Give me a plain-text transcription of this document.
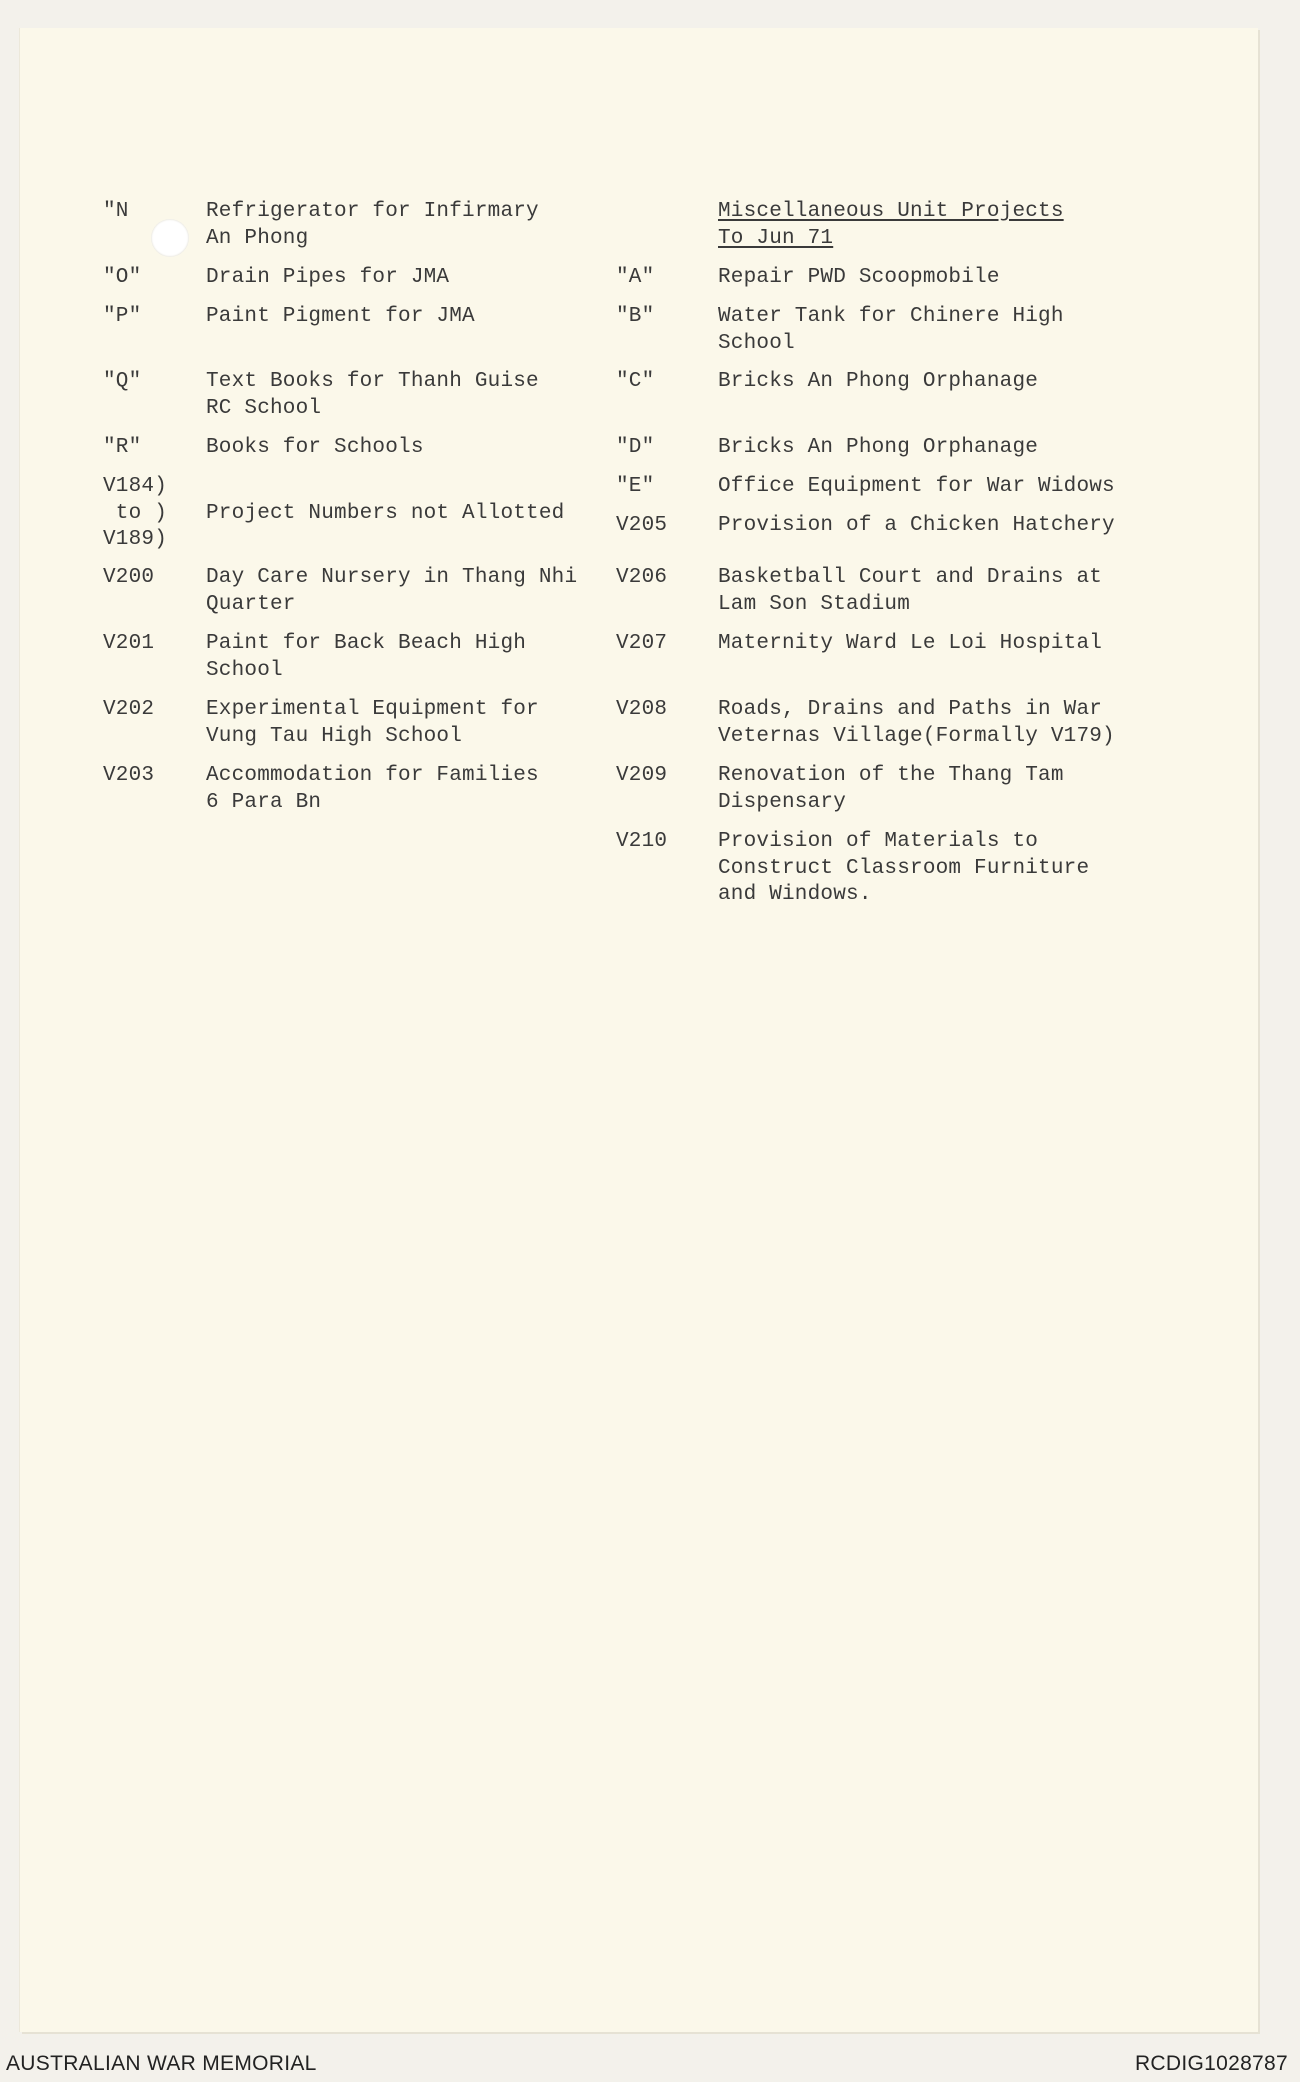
"N	Refrigerator for Infirmary
An Phong
"O"	Drain Pipes for JMA
"P"	Paint Pigment for JMA
"Q"	Text Books for Thanh Guise
RC School
"R"	Books for Schools
V184)
to )
V189)
Project Numbers not Allotted
V200 Day Care Nursery in Thang Nhi
Quarter
V201 Paint for Back Beach High
School
V202 Experimental Equipment for
Vung Tau High School
V203 Accommodation for Families
6 Para Bn
Miscellaneous Unit Projects
To Jun 71
"A"	Repair PWD Scoopmobile
"B"	Water Tank for Chinere High
School
"C"	Bricks An Phong Orphanage
"D"	Bricks An Phong Orphanage
"E"	Office Equipment for War Widows
V205 Provision of a Chicken Hatchery
V206 Basketball Court and Drains at
Lam Son Stadium
V207 Maternity Ward Le Loi Hospital
V208 Roads, Drains and Paths in War
Veternas Village(Formally V179)
V209 Renovation of the Thang Tam
Dispensary
V210 Provision of Materials to
Construct Classroom Furniture
and Windows.
AUSTRALIAN WAR MEMORIAL	RCDIG1028787
